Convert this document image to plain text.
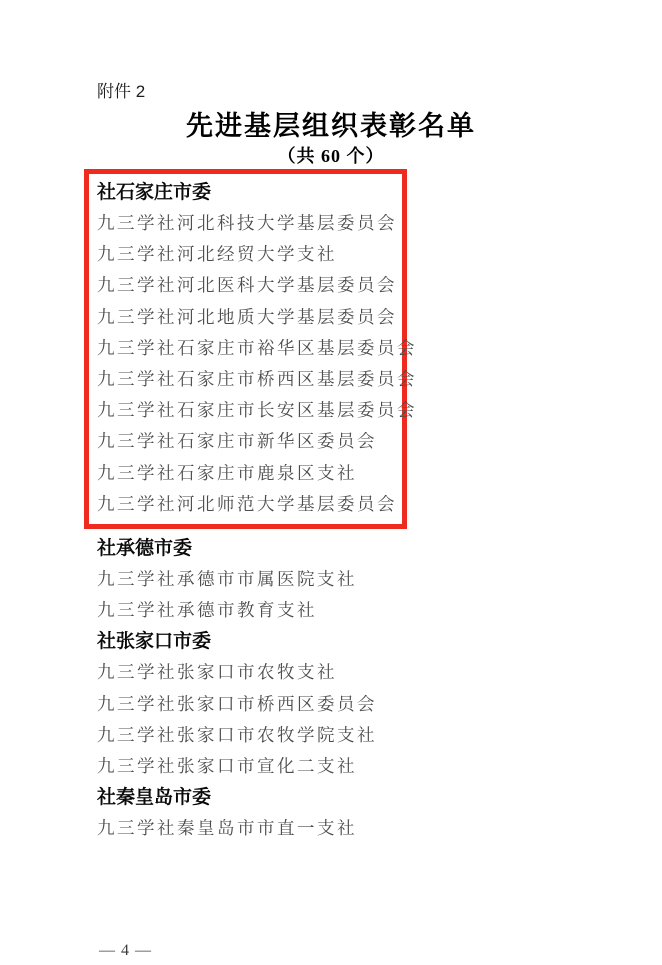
附件 2
先进基层组织表彰名单
（共 60 个）
社石家庄市委
九三学社河北科技大学基层委员会
九三学社河北经贸大学支社
九三学社河北医科大学基层委员会
九三学社河北地质大学基层委员会
九三学社石家庄市裕华区基层委员会
九三学社石家庄市桥西区基层委员会
九三学社石家庄市长安区基层委员会
九三学社石家庄市新华区委员会
九三学社石家庄市鹿泉区支社
九三学社河北师范大学基层委员会
社承德市委
九三学社承德市市属医院支社
九三学社承德市教育支社
社张家口市委
九三学社张家口市农牧支社
九三学社张家口市桥西区委员会
九三学社张家口市农牧学院支社
九三学社张家口市宣化二支社
社秦皇岛市委
九三学社秦皇岛市市直一支社
— 4 —
